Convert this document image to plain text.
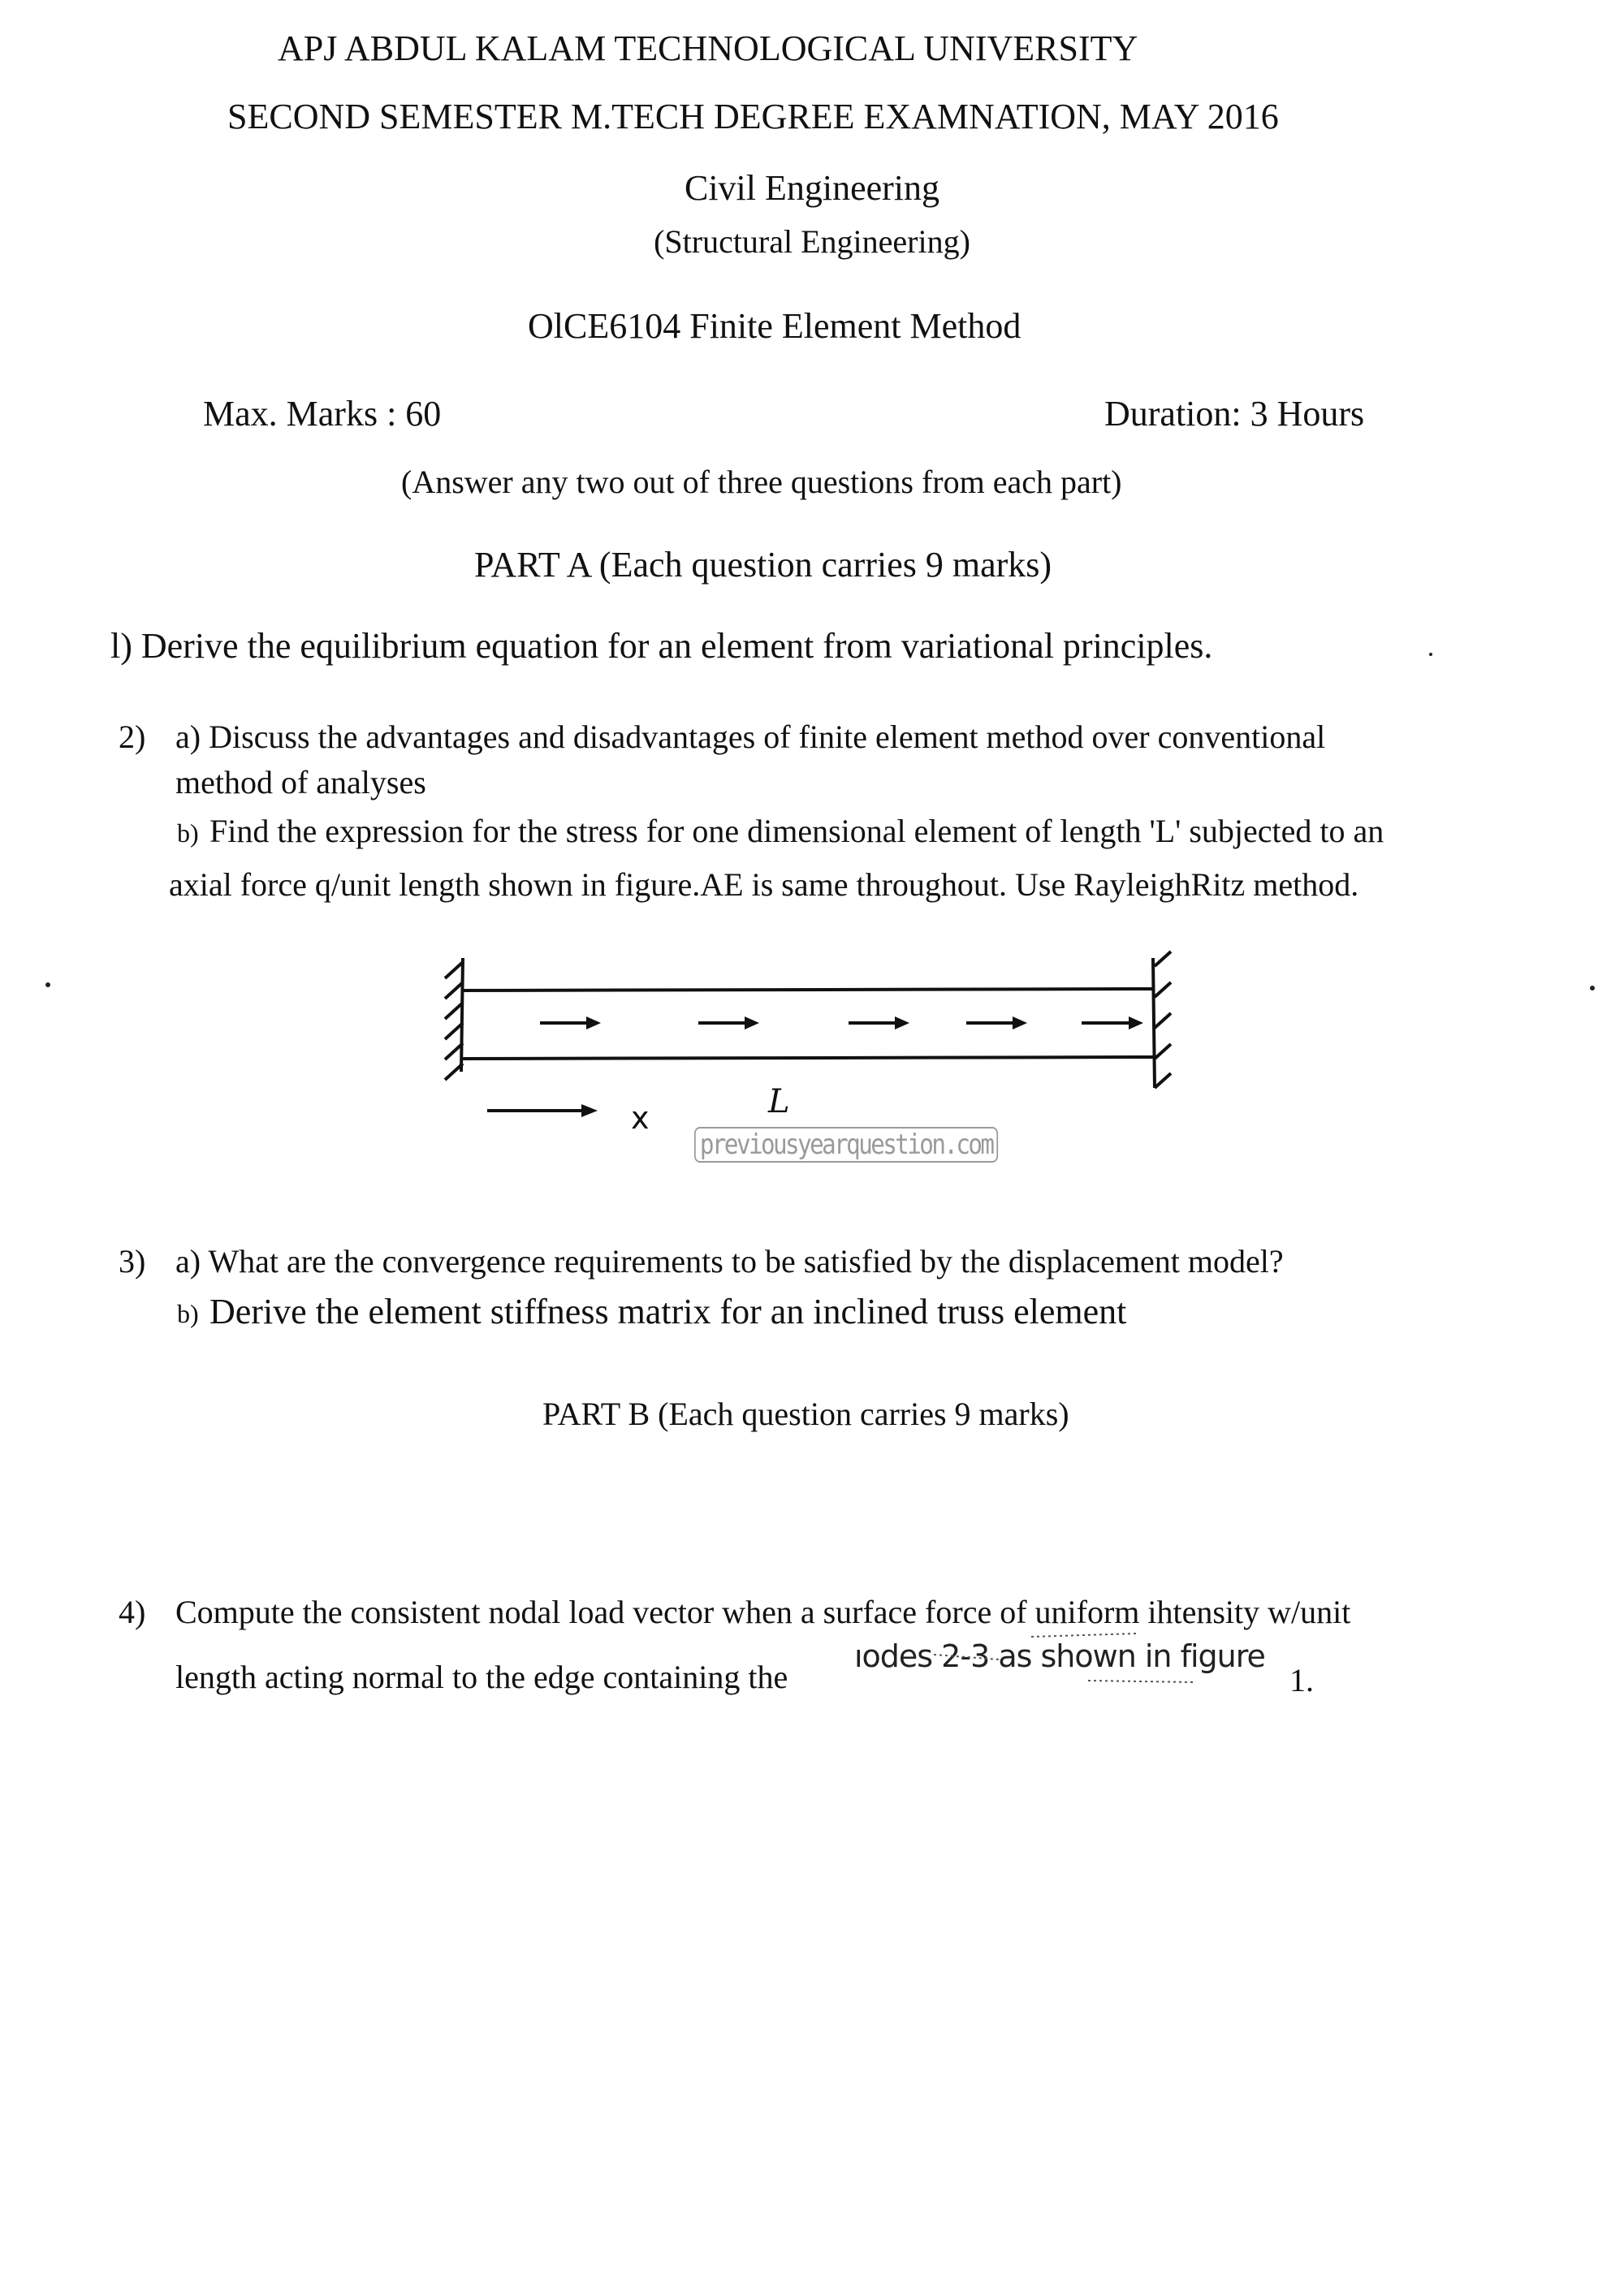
APJ ABDUL KALAM TECHNOLOGICAL UNIVERSITY
SECOND SEMESTER M.TECH DEGREE EXAMNATION, MAY 2016
Civil Engineering
(Structural Engineering)
OlCE6104 Finite Element Method
Max. Marks : 60	Duration: 3 Hours
(Answer any two out of three questions from each part)
PART A (Each question carries 9 marks)
l) Derive the equilibrium equation for an element from variational principles.
2) a) Discuss the advantages and disadvantages of finite element method over conventional
method of analyses
b) Find the expression for the stress for one dimensional element of length 'L' subjected to an
axial force q/unit length shown in figure.AE is same throughout. Use RayleighRitz method.
x	L
previousyearquestion.com
3) a) What are the convergence requirements to be satisfied by the displacement model?
b) Derive the element stiffness matrix for an inclined truss element
PART B (Each question carries 9 marks)
4) Compute the consistent nodal load vector when a surface force of uniform ihtensity w/unit
length acting normal to the edge containing the
ıodes 2-3 as shown in figure
1.
